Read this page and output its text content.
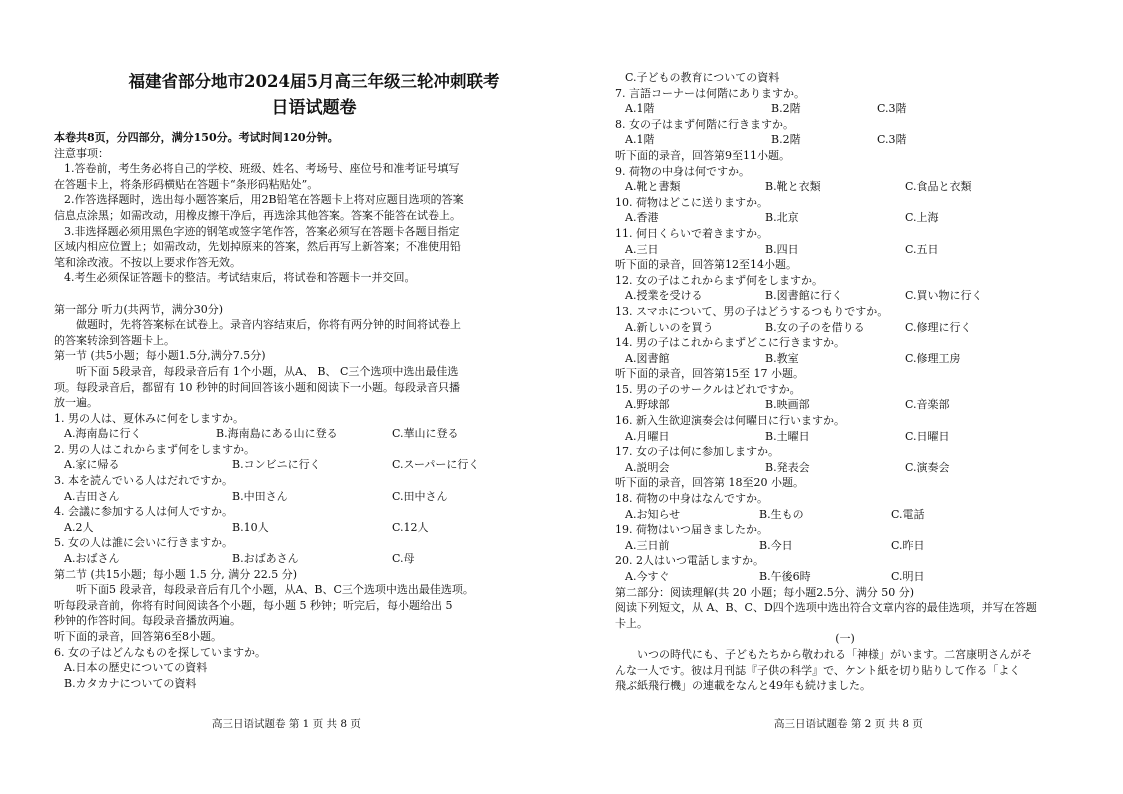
福建省部分地市2024届5月高三年级三轮冲刺联考
日语试题卷
本卷共8页，分四部分，满分150分。考试时间120分钟。
注意事项：
1.答卷前，考生务必将自己的学校、班级、姓名、考场号、座位号和准考证号填写
在答题卡上，将条形码横贴在答题卡“条形码粘贴处”。
2.作答选择题时，选出每小题答案后，用2B铅笔在答题卡上将对应题目选项的答案
信息点涂黑；如需改动，用橡皮擦干净后，再选涂其他答案。答案不能答在试卷上。
3.非选择题必须用黑色字迹的钢笔或签字笔作答，答案必须写在答题卡各题目指定
区域内相应位置上；如需改动，先划掉原来的答案，然后再写上新答案；不准使用铅
笔和涂改液。不按以上要求作答无效。
4.考生必须保证答题卡的整洁。考试结束后，将试卷和答题卡一并交回。
第一部分 听力(共两节，满分30分)
做题时，先将答案标在试卷上。录音内容结束后，你将有两分钟的时间将试卷上
的答案转涂到答题卡上。
第一节 (共5小题；每小题1.5分,满分7.5分)
听下面 5段录音，每段录音后有 1个小题，从A、 B、 C三个选项中选出最佳选
项。每段录音后，都留有 10 秒钟的时间回答该小题和阅读下一小题。每段录音只播
放一遍。
1. 男の人は、夏休みに何をしますか。
A.海南島に行く	B.海南島にある山に登る	C.華山に登る
2. 男の人はこれからまず何をしますか。
A.家に帰る	B.コンビニに行く	C.スーパーに行く
3. 本を読んでいる人はだれですか。
A.吉田さん	B.中田さん	C.田中さん
4. 会議に参加する人は何人ですか。
A.2人	B.10人	C.12人
5. 女の人は誰に会いに行きますか。
A.おばさん	B.おばあさん	C.母
第二节 (共15小题；每小题 1.5 分, 满分 22.5 分)
听下面5 段录音，每段录音后有几个小题，从A、B、C三个选项中选出最佳选项。
听每段录音前，你将有时间阅读各个小题，每小题 5 秒钟；听完后，每小题给出 5
秒钟的作答时间。每段录音播放两遍。
听下面的录音，回答第6至8小题。
6. 女の子はどんなものを探していますか。
A.日本の歴史についての資料
B.カタカナについての資料
高三日语试题卷 第 1 页 共 8 页
C.子どもの教育についての資料
7. 言語コーナーは何階にありますか。
A.1階	B.2階	C.3階
8. 女の子はまず何階に行きますか。
A.1階	B.2階	C.3階
听下面的录音，回答第9至11小题。
9. 荷物の中身は何ですか。
A.靴と書類	B.靴と衣類	C.食品と衣類
10. 荷物はどこに送りますか。
A.香港	B.北京	C.上海
11. 何日くらいで着きますか。
A.三日	B.四日	C.五日
听下面的录音，回答第12至14小题。
12. 女の子はこれからまず何をしますか。
A.授業を受ける	B.図書館に行く	C.買い物に行く
13. スマホについて、男の子はどうするつもりですか。
A.新しいのを買う	B.女の子のを借りる	C.修理に行く
14. 男の子はこれからまずどこに行きますか。
A.図書館	B.教室	C.修理工房
听下面的录音，回答第15至 17 小题。
15. 男の子のサークルはどれですか。
A.野球部	B.映画部	C.音楽部
16. 新入生欲迎演奏会は何曜日に行いますか。
A.月曜日	B.土曜日	C.日曜日
17. 女の子は何に参加しますか。
A.説明会	B.発表会	C.演奏会
听下面的录音，回答第 18至20 小题。
18. 荷物の中身はなんですか。
A.お知らせ	B.生もの	C.電話
19. 荷物はいつ届きましたか。
A.三日前	B.今日	C.昨日
20. 2人はいつ電話しますか。
A.今すぐ	B.午後6時	C.明日
第二部分：阅读理解(共 20 小题；每小题2.5分、满分 50 分)
阅读下列短文，从 A、B、C、D四个选项中选出符合文章内容的最佳选项，并写在答题
卡上。
(一)
いつの時代にも、子どもたちから敬われる「神様」がいます。二宮康明さんがそ
んな一人です。彼は月刊誌『子供の科学』で、ケント紙を切り貼りして作る「よく
飛ぶ紙飛行機」の連載をなんと49年も続けました。
高三日语试题卷 第 2 页 共 8 页
